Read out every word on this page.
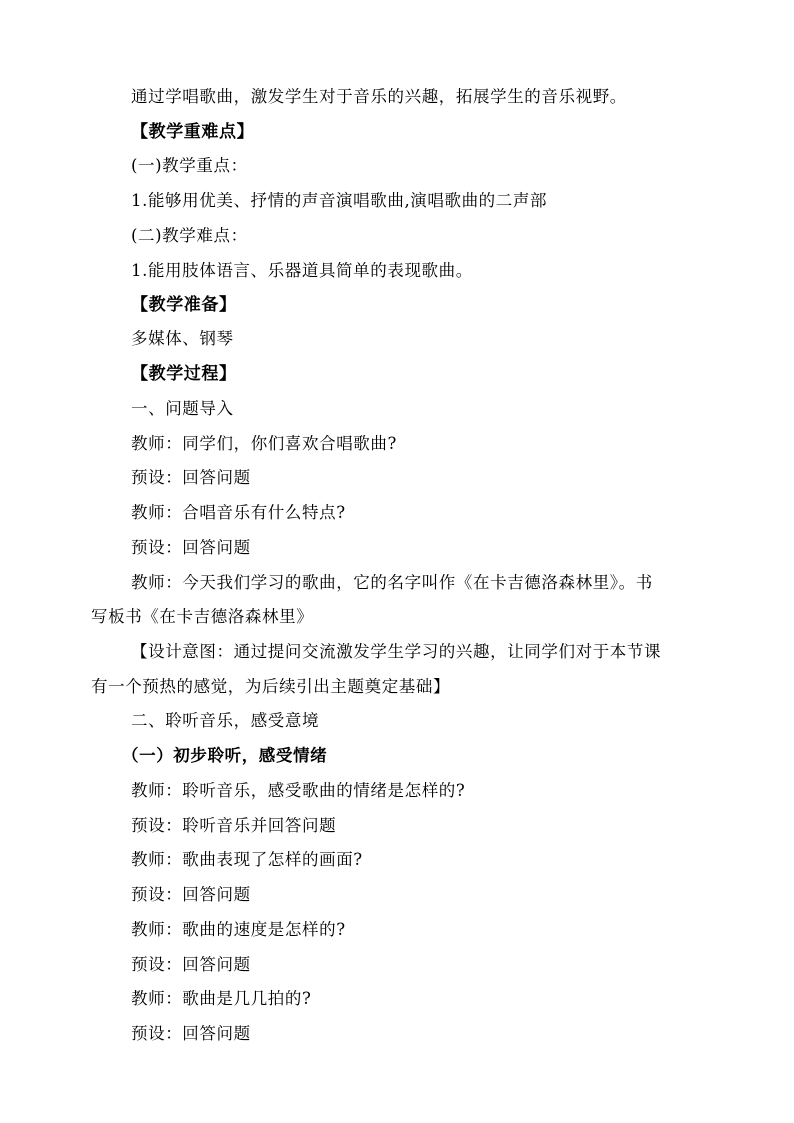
通过学唱歌曲，激发学生对于音乐的兴趣，拓展学生的音乐视野。
【教学重难点】
(一)教学重点：
1.能够用优美、抒情的声音演唱歌曲,演唱歌曲的二声部
(二)教学难点：
1.能用肢体语言、乐器道具简单的表现歌曲。
【教学准备】
多媒体、钢琴
【教学过程】
一、问题导入
教师：同学们，你们喜欢合唱歌曲?
预设：回答问题
教师：合唱音乐有什么特点?
预设：回答问题
教师：今天我们学习的歌曲，它的名字叫作《在卡吉德洛森林里》。书
写板书《在卡吉德洛森林里》
【设计意图：通过提问交流激发学生学习的兴趣，让同学们对于本节课
有一个预热的感觉，为后续引出主题奠定基础】
二、聆听音乐，感受意境
（一）初步聆听，感受情绪
教师：聆听音乐，感受歌曲的情绪是怎样的?
预设：聆听音乐并回答问题
教师：歌曲表现了怎样的画面?
预设：回答问题
教师：歌曲的速度是怎样的?
预设：回答问题
教师：歌曲是几几拍的?
预设：回答问题
